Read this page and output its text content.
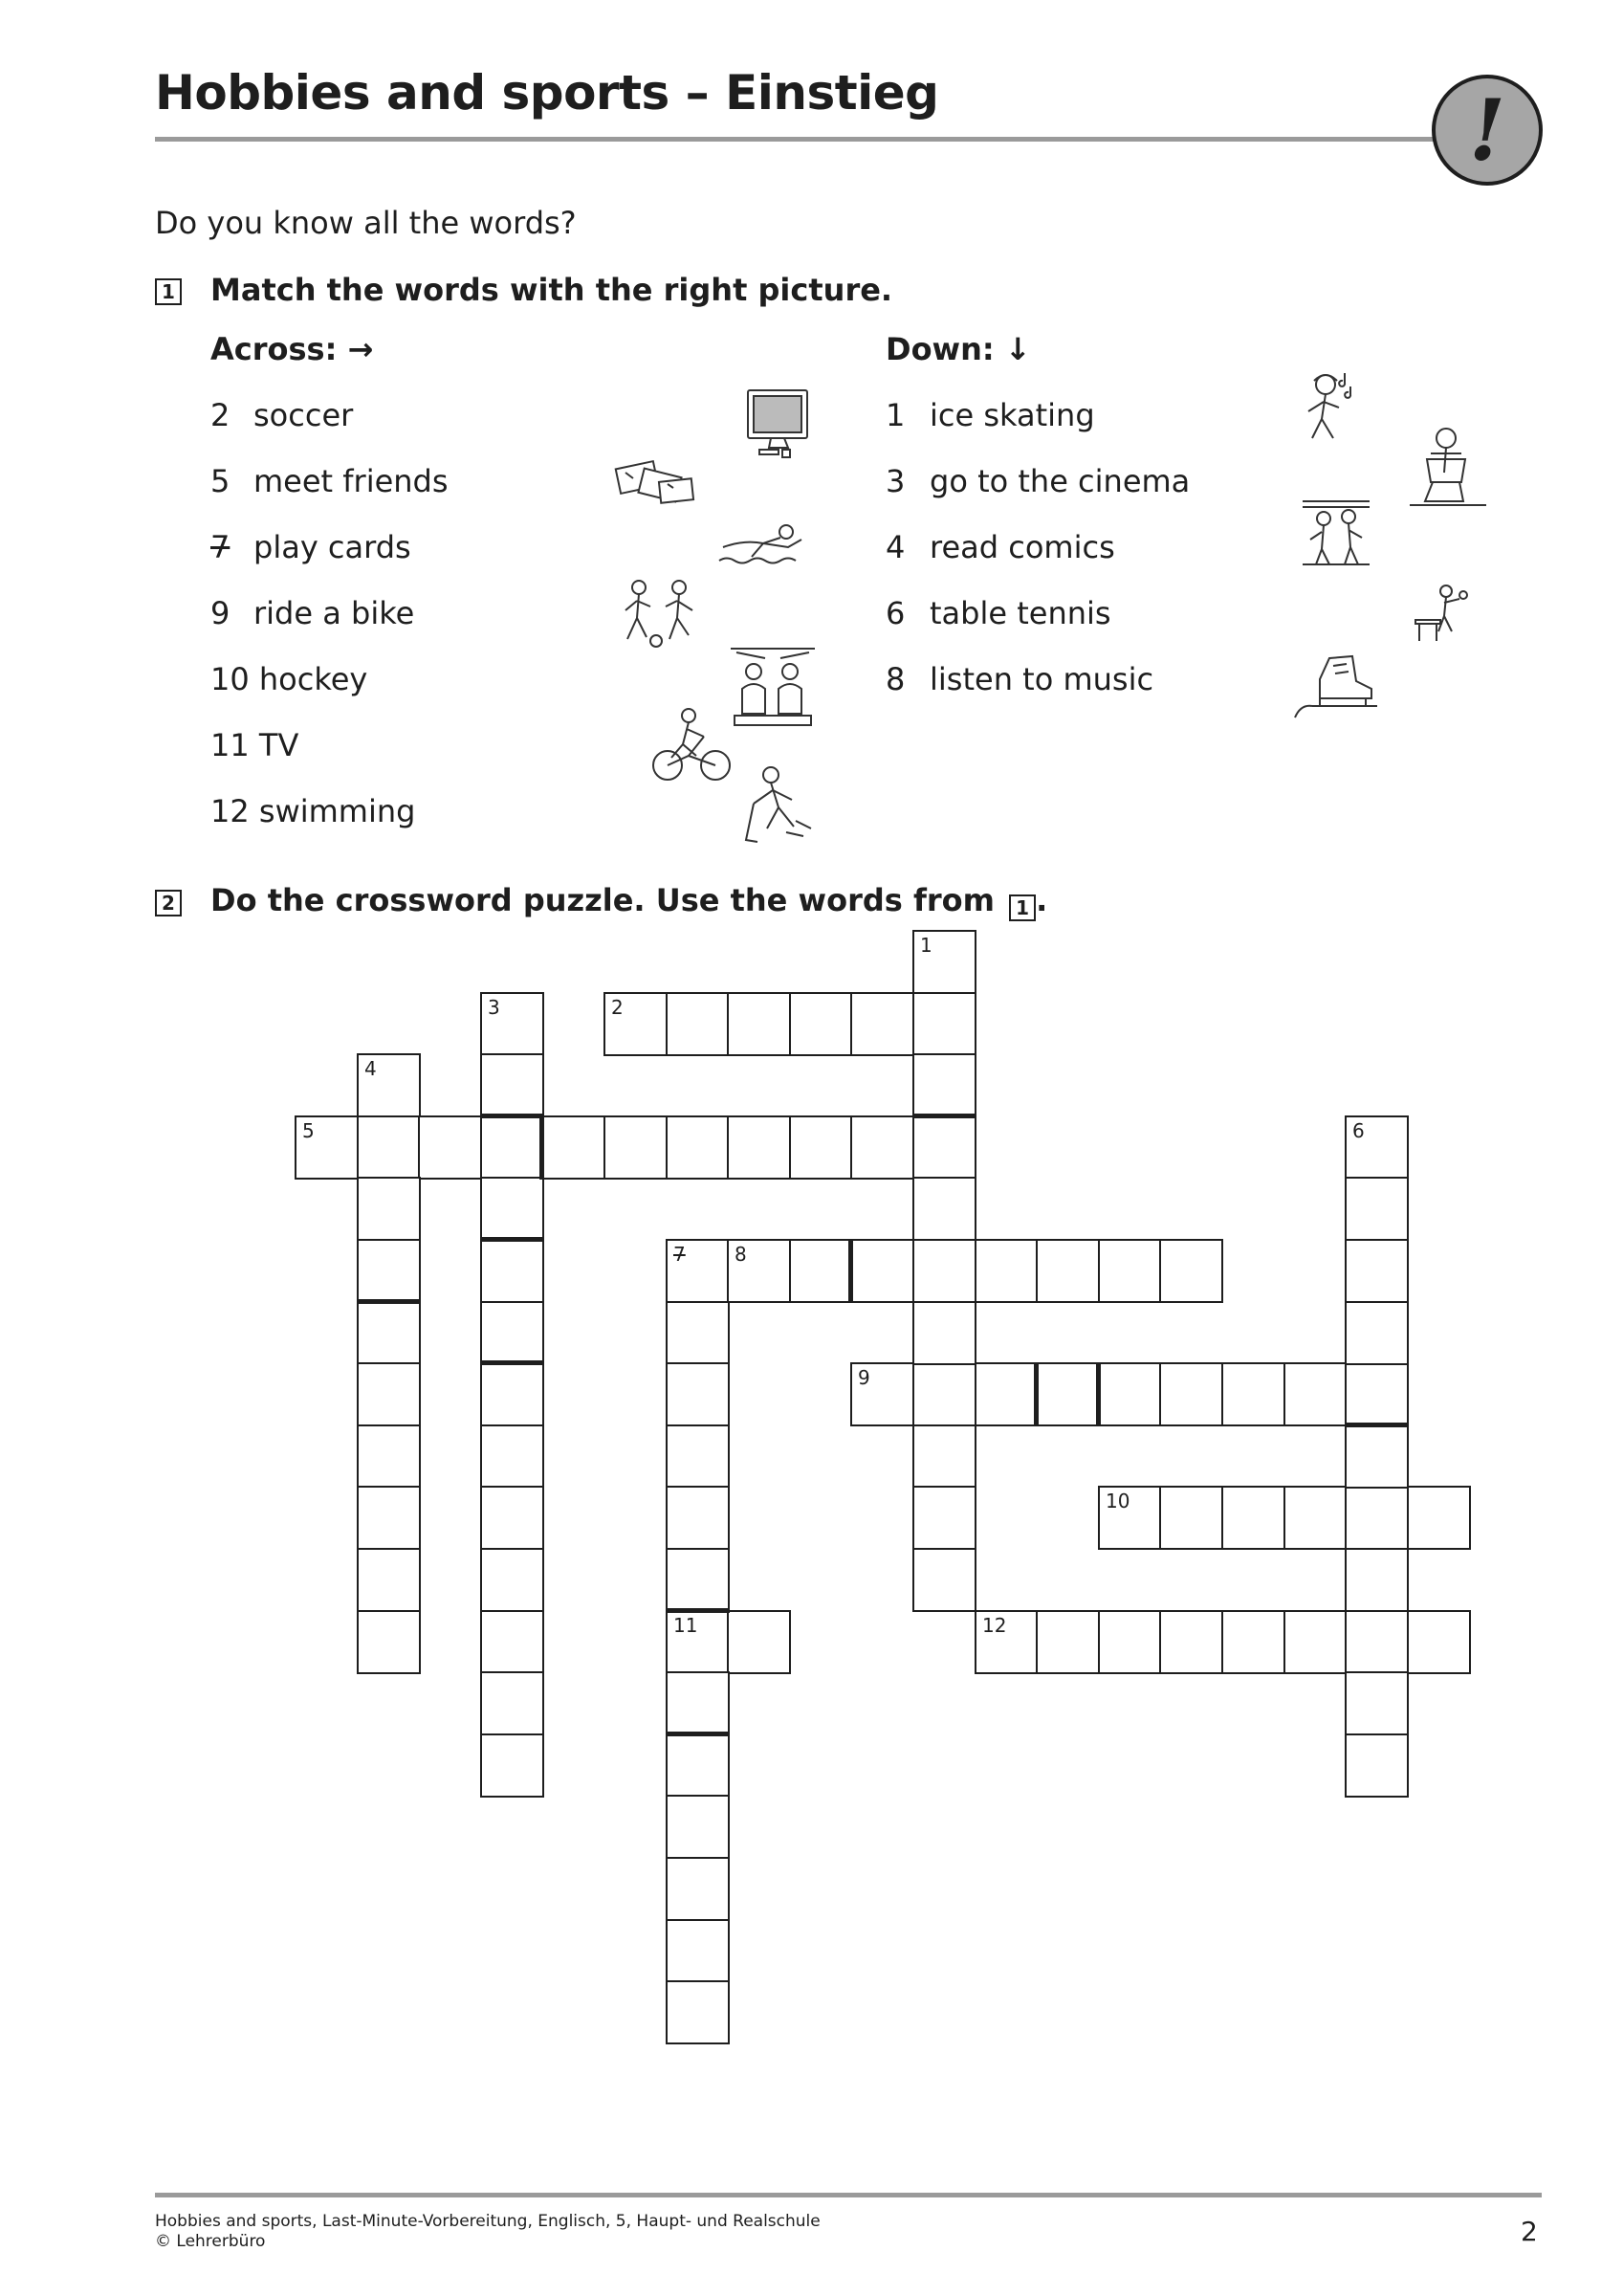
Hobbies and sports – Einstieg	!
Do you know all the words?
1 Match the words with the right picture.
Across: →	Down: ↓
2 soccer
5 meet friends
7 play cards
9 ride a bike
10 hockey
11 TV
12 swimming
1 ice skating
3 go to the cinema
4 read comics
6 table tennis
8 listen to music
2 Do the crossword puzzle. Use the words from 1 .
1
2
3
4
5	6
7	8
9
10
11	12
Hobbies and sports, Last-Minute-Vorbereitung, Englisch, 5, Haupt- und Realschule
© Lehrerbüro	2
